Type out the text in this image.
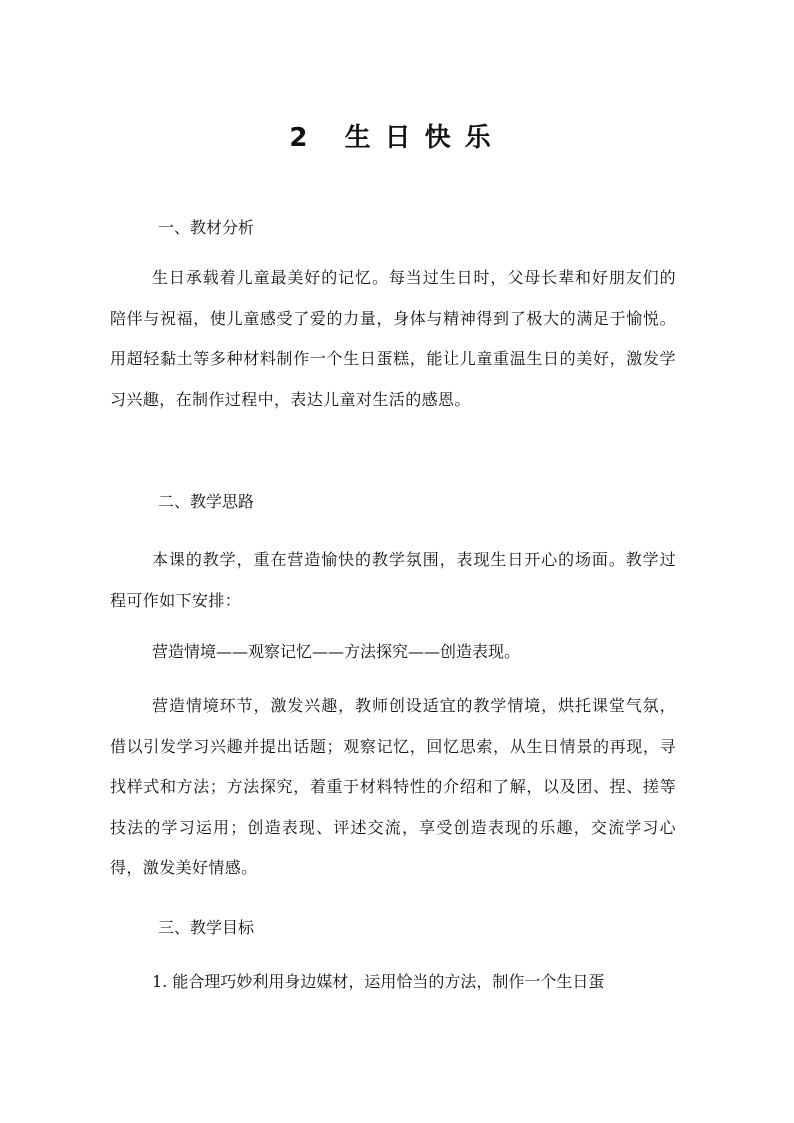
2 生日快乐
一、教材分析
生日承载着儿童最美好的记忆。每当过生日时，父母长辈和好朋友们的陪伴与祝福，使儿童感受了爱的力量，身体与精神得到了极大的满足于愉悦。用超轻黏土等多种材料制作一个生日蛋糕，能让儿童重温生日的美好，激发学习兴趣，在制作过程中，表达儿童对生活的感恩。
二、教学思路
本课的教学，重在营造愉快的教学氛围，表现生日开心的场面。教学过程可作如下安排：
营造情境——观察记忆——方法探究——创造表现。
营造情境环节，激发兴趣，教师创设适宜的教学情境，烘托课堂气氛，借以引发学习兴趣并提出话题；观察记忆，回忆思索，从生日情景的再现，寻找样式和方法；方法探究，着重于材料特性的介绍和了解，以及团、捏、搓等技法的学习运用；创造表现、评述交流，享受创造表现的乐趣，交流学习心得，激发美好情感。
三、教学目标
1. 能合理巧妙利用身边媒材，运用恰当的方法，制作一个生日蛋
